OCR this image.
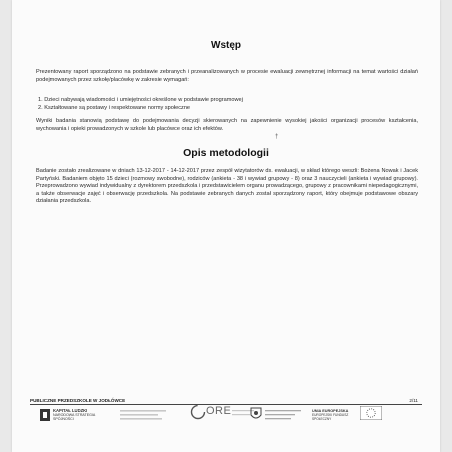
Wstęp
Prezentowany raport sporządzono na podstawie zebranych i przeanalizowanych w procesie ewaluacji zewnętrznej informacji na temat wartości działań podejmowanych przez szkołę/placówkę w zakresie wymagań:
1. Dzieci nabywają wiadomości i umiejętności określone w podstawie programowej
2. Kształtowane są postawy i respektowane normy społeczne
Wyniki badania stanowią podstawę do podejmowania decyzji skierowanych na zapewnienie wysokiej jakości organizacji procesów kształcenia, wychowania i opieki prowadzonych w szkole lub placówce oraz ich efektów.
†
Opis metodologii
Badanie zostało zrealizowane w dniach 13-12-2017 - 14-12-2017 przez zespół wizytatorów ds. ewaluacji, w skład którego weszli: Bożena Nowak i Jacek Partyński. Badaniem objęto 15 dzieci (rozmowy swobodne), rodziców (ankieta - 38 i wywiad grupowy - 8) oraz 3 nauczycieli (ankieta i wywiad grupowy). Przeprowadzono wywiad indywidualny z dyrektorem przedszkola i przedstawicielem organu prowadzącego, grupowy z pracownikami niepedagogicznymi, a także obserwacje zajęć i obserwację przedszkola. Na podstawie zebranych danych został sporządzony raport, który obejmuje podstawowe obszary działania przedszkola.
PUBLICZNE PRZEDSZKOLE W JODŁÓWCE	2/11
KAPITAŁ LUDZKI
NARODOWA STRATEGIA SPÓJNOŚCI
ORE	UNIA EUROPEJSKA
EUROPEJSKI FUNDUSZ SPOŁECZNY
